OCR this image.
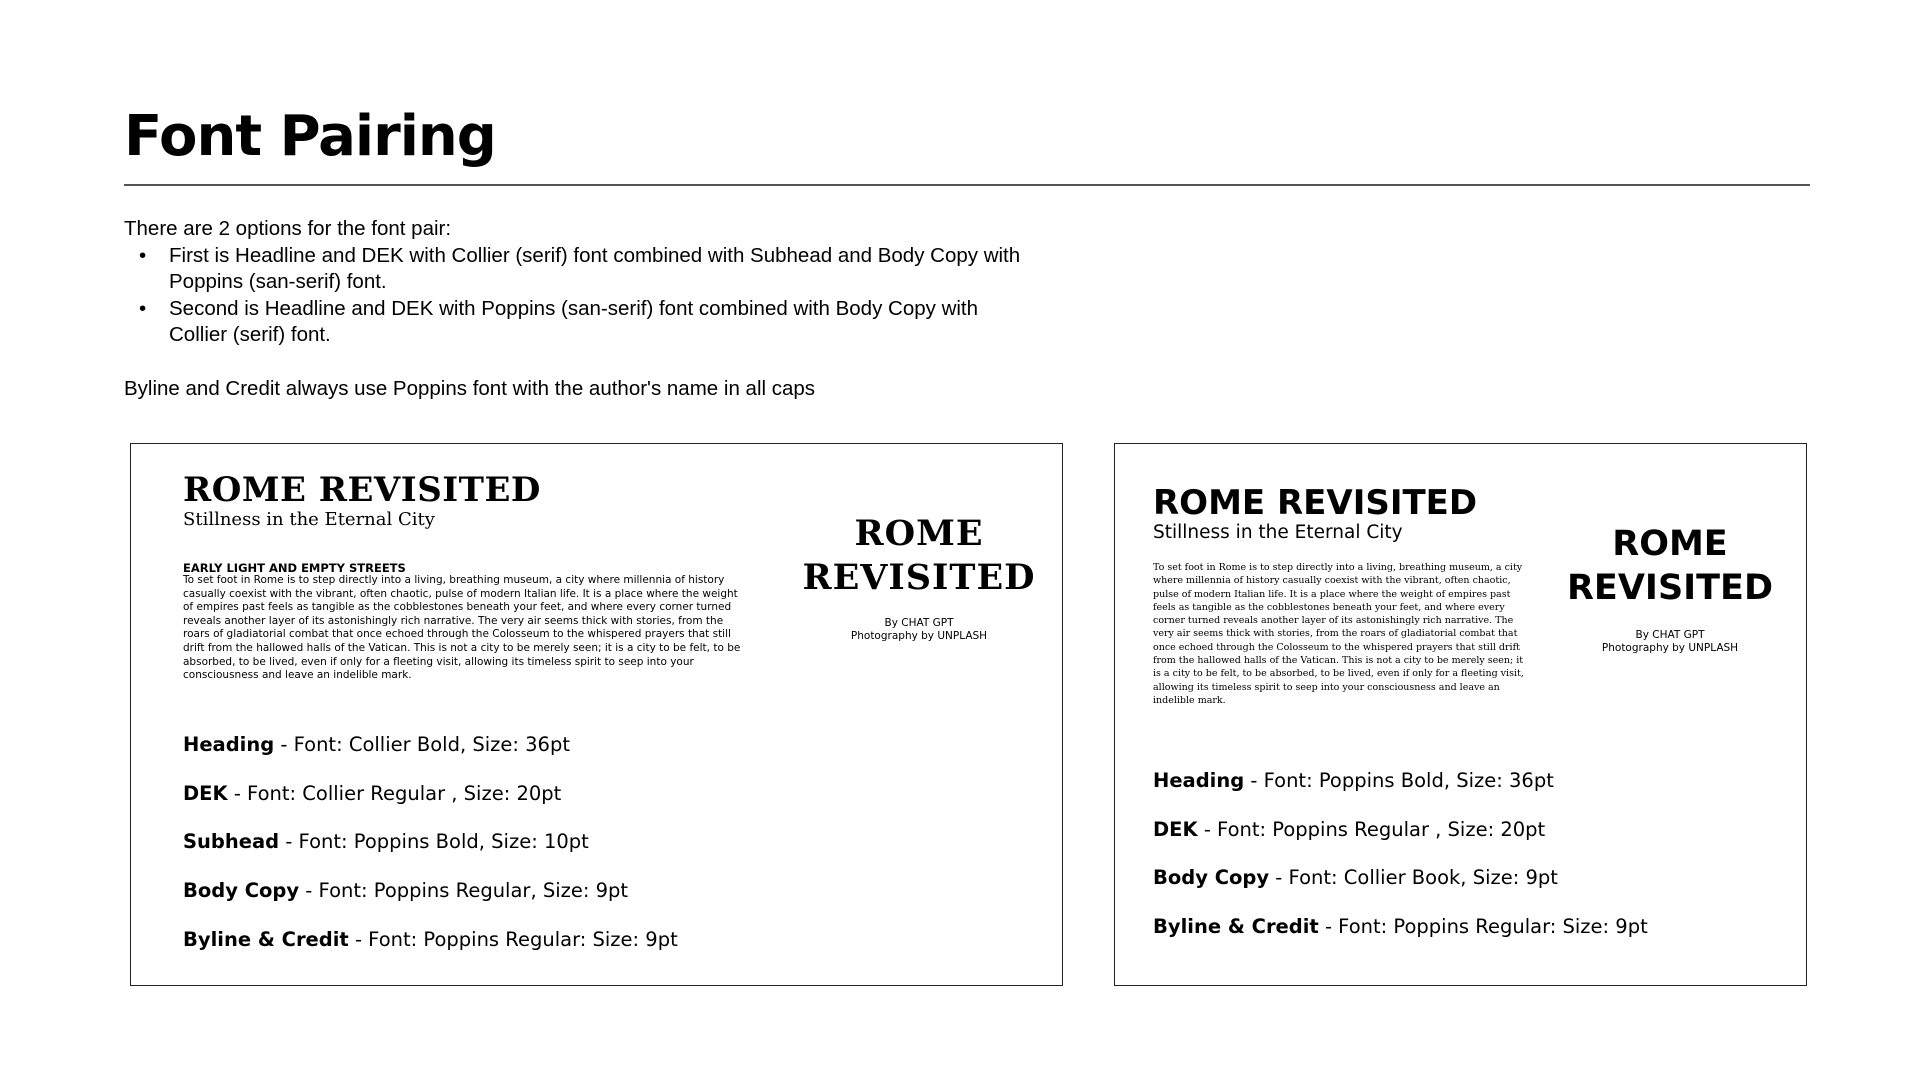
Font Pairing
There are 2 options for the font pair:
• First is Headline and DEK with Collier (serif) font combined with Subhead and Body Copy with Poppins (san-serif) font.
• Second is Headline and DEK with Poppins (san-serif) font combined with Body Copy with Collier (serif) font.
Byline and Credit always use Poppins font with the author's name in all caps
ROME REVISITED
Stillness in the Eternal City
EARLY LIGHT AND EMPTY STREETS
To set foot in Rome is to step directly into a living, breathing museum, a city where millennia of history casually coexist with the vibrant, often chaotic, pulse of modern Italian life. It is a place where the weight of empires past feels as tangible as the cobblestones beneath your feet, and where every corner turned reveals another layer of its astonishingly rich narrative. The very air seems thick with stories, from the roars of gladiatorial combat that once echoed through the Colosseum to the whispered prayers that still drift from the hallowed halls of the Vatican. This is not a city to be merely seen; it is a city to be felt, to be absorbed, to be lived, even if only for a fleeting visit, allowing its timeless spirit to seep into your consciousness and leave an indelible mark.
ROME REVISITED
By CHAT GPT
Photography by UNPLASH
Heading - Font: Collier Bold, Size: 36pt
DEK - Font: Collier Regular , Size: 20pt
Subhead - Font: Poppins Bold, Size: 10pt
Body Copy - Font: Poppins Regular, Size: 9pt
Byline & Credit - Font: Poppins Regular: Size: 9pt
ROME REVISITED
Stillness in the Eternal City
To set foot in Rome is to step directly into a living, breathing museum, a city where millennia of history casually coexist with the vibrant, often chaotic, pulse of modern Italian life. It is a place where the weight of empires past feels as tangible as the cobblestones beneath your feet, and where every corner turned reveals another layer of its astonishingly rich narrative. The very air seems thick with stories, from the roars of gladiatorial combat that once echoed through the Colosseum to the whispered prayers that still drift from the hallowed halls of the Vatican. This is not a city to be merely seen; it is a city to be felt, to be absorbed, to be lived, even if only for a fleeting visit, allowing its timeless spirit to seep into your consciousness and leave an indelible mark.
ROME REVISITED
By CHAT GPT
Photography by UNPLASH
Heading - Font: Poppins Bold, Size: 36pt
DEK - Font: Poppins Regular , Size: 20pt
Body Copy - Font: Collier Book, Size: 9pt
Byline & Credit - Font: Poppins Regular: Size: 9pt
